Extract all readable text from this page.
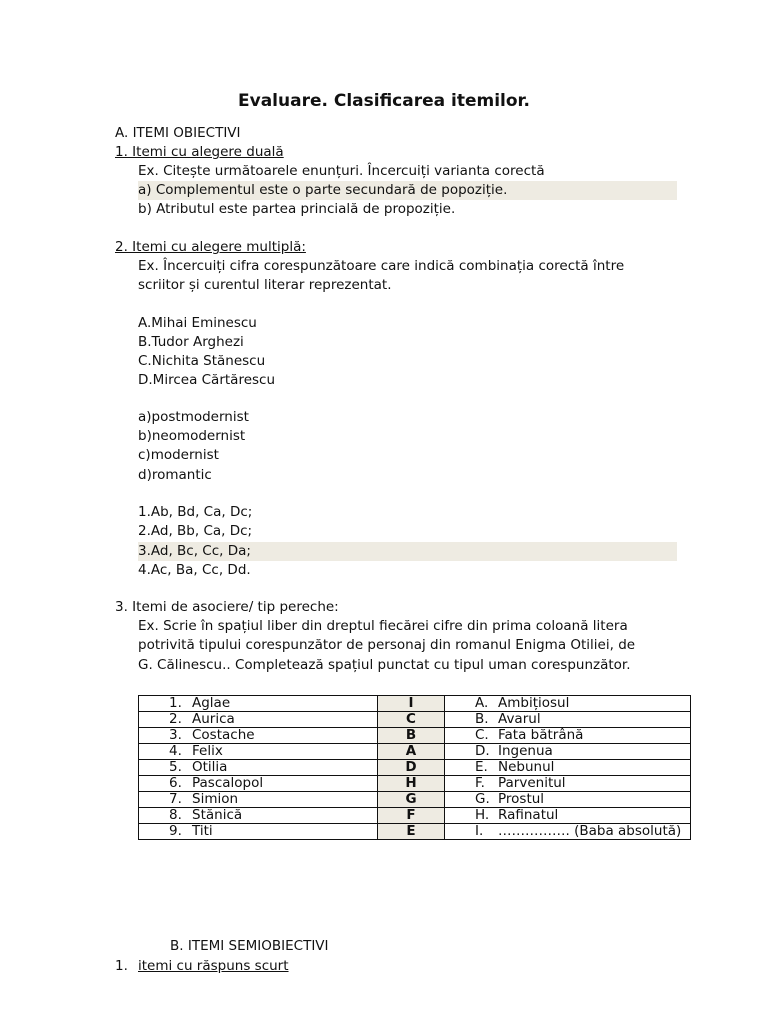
Evaluare. Clasificarea itemilor.
A. ITEMI OBIECTIVI
1. Itemi cu alegere duală
Ex. Citește următoarele enunțuri. Încercuiți varianta corectă
a) Complementul este o parte secundară de popoziție.
b) Atributul este partea princială de propoziție.
2. Itemi cu alegere multiplă:
Ex. Încercuiți cifra corespunzătoare care indică combinația corectă între
scriitor și curentul literar reprezentat.
A.Mihai Eminescu
B.Tudor Arghezi
C.Nichita Stănescu
D.Mircea Cărtărescu
a)postmodernist
b)neomodernist
c)modernist
d)romantic
1.Ab, Bd, Ca, Dc;
2.Ad, Bb, Ca, Dc;
3.Ad, Bc, Cc, Da;
4.Ac, Ba, Cc, Dd.
3. Itemi de asociere/ tip pereche:
Ex. Scrie în spațiul liber din dreptul fiecărei cifre din prima coloană litera
potrivită tipului corespunzător de personaj din romanul Enigma Otiliei, de
G. Călinescu.. Completează spațiul punctat cu tipul uman corespunzător.
1. Aglae	I	A. Ambițiosul
2. Aurica	C	B. Avarul
3. Costache	B	C. Fata bătrână
4. Felix	A	D. Ingenua
5. Otilia	D	E. Nebunul
6. Pascalopol	H	F. Parvenitul
7. Simion	G	G. Prostul
8. Stănică	F	H. Rafinatul
9. Titi	E	I. ……………. (Baba absolută)
B. ITEMI SEMIOBIECTIVI
1. itemi cu răspuns scurt
